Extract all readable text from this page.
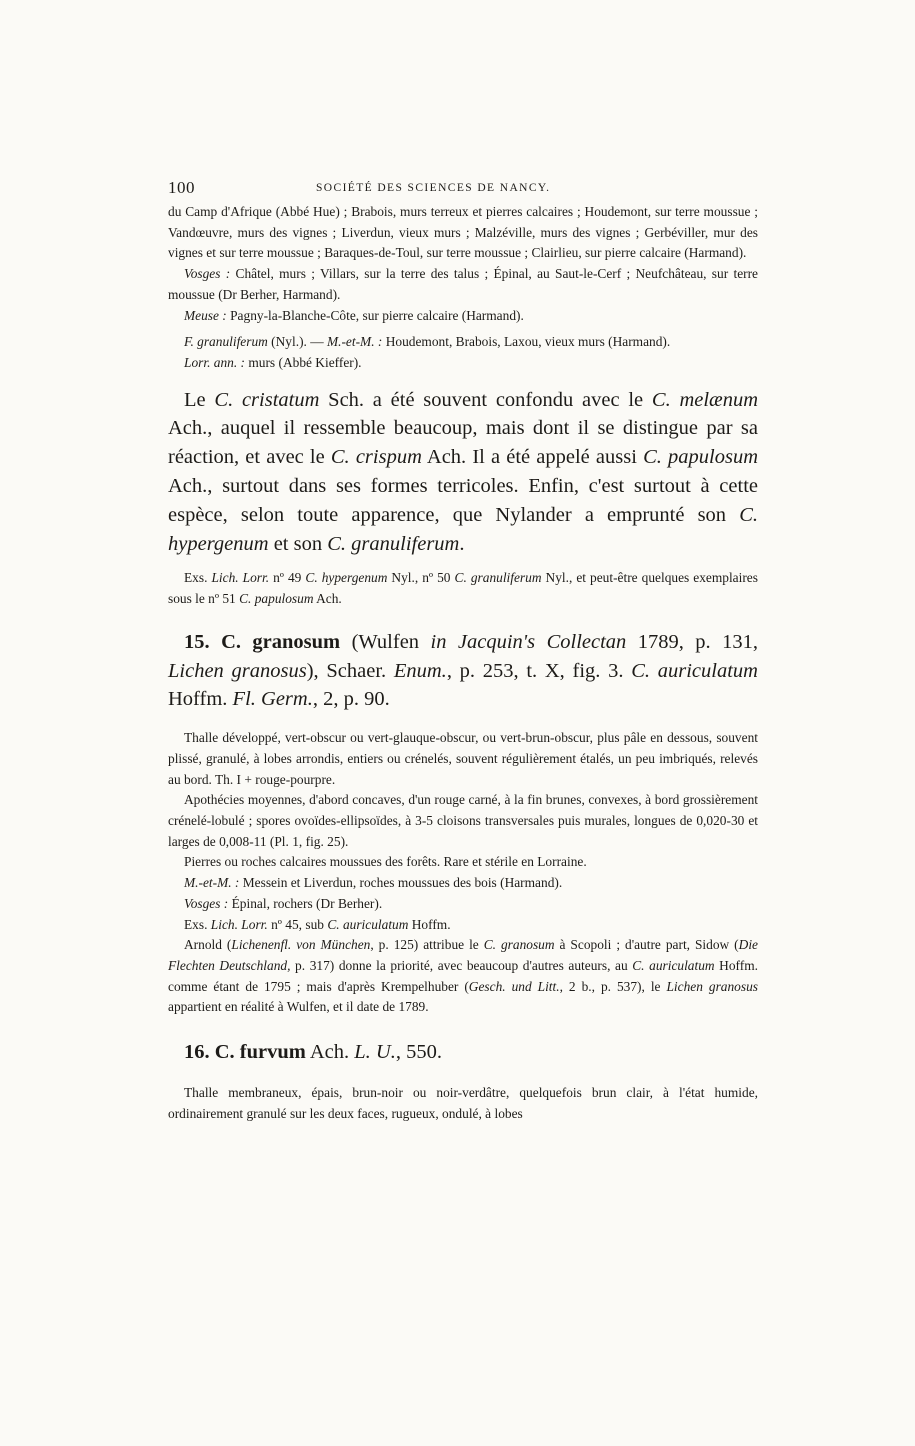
100	SOCIÉTÉ DES SCIENCES DE NANCY.

du Camp d'Afrique (Abbé Hue) ; Brabois, murs terreux et pierres calcaires ; Houdemont, sur terre moussue ; Vandœuvre, murs des vignes ; Liverdun, vieux murs ; Malzéville, murs des vignes ; Gerbéviller, mur des vignes et sur terre moussue ; Baraques-de-Toul, sur terre moussue ; Clairlieu, sur pierre calcaire (Harmand).

Vosges : Châtel, murs ; Villars, sur la terre des talus ; Épinal, au Saut-le-Cerf ; Neufchâteau, sur terre moussue (Dr Berher, Harmand).

Meuse : Pagny-la-Blanche-Côte, sur pierre calcaire (Harmand).

F. granuliferum (Nyl.). — M.-et-M. : Houdemont, Brabois, Laxou, vieux murs (Harmand).

Lorr. ann. : murs (Abbé Kieffer).

Le C. cristatum Sch. a été souvent confondu avec le C. melænum Ach., auquel il ressemble beaucoup, mais dont il se distingue par sa réaction, et avec le C. crispum Ach. Il a été appelé aussi C. papulosum Ach., surtout dans ses formes terricoles. Enfin, c'est surtout à cette espèce, selon toute apparence, que Nylander a emprunté son C. hypergenum et son C. granuliferum.

Exs. Lich. Lorr. nº 49 C. hypergenum Nyl., nº 50 C. granuliferum Nyl., et peut-être quelques exemplaires sous le nº 51 C. papulosum Ach.

15. C. granosum (Wulfen in Jacquin's Collectan 1789, p. 131, Lichen granosus), Schaer. Enum., p. 253, t. X, fig. 3. C. auriculatum Hoffm. Fl. Germ., 2, p. 90.

Thalle développé, vert-obscur ou vert-glauque-obscur, ou vert-brun-obscur, plus pâle en dessous, souvent plissé, granulé, à lobes arrondis, entiers ou crénelés, souvent régulièrement étalés, un peu imbriqués, relevés au bord. Th. I + rouge-pourpre.

Apothécies moyennes, d'abord concaves, d'un rouge carné, à la fin brunes, convexes, à bord grossièrement crénelé-lobulé ; spores ovoïdes-ellipsoïdes, à 3-5 cloisons transversales puis murales, longues de 0,020-30 et larges de 0,008-11 (Pl. 1, fig. 25).

Pierres ou roches calcaires moussues des forêts. Rare et stérile en Lorraine.

M.-et-M. : Messein et Liverdun, roches moussues des bois (Harmand).

Vosges : Épinal, rochers (Dr Berher).

Exs. Lich. Lorr. nº 45, sub C. auriculatum Hoffm.

Arnold (Lichenenfl. von München, p. 125) attribue le C. granosum à Scopoli ; d'autre part, Sidow (Die Flechten Deutschland, p. 317) donne la priorité, avec beaucoup d'autres auteurs, au C. auriculatum Hoffm. comme étant de 1795 ; mais d'après Krempelhuber (Gesch. und Litt., 2 b., p. 537), le Lichen granosus appartient en réalité à Wulfen, et il date de 1789.

16. C. furvum Ach. L. U., 550.

Thalle membraneux, épais, brun-noir ou noir-verdâtre, quelquefois brun clair, à l'état humide, ordinairement granulé sur les deux faces, rugueux, ondulé, à lobes
